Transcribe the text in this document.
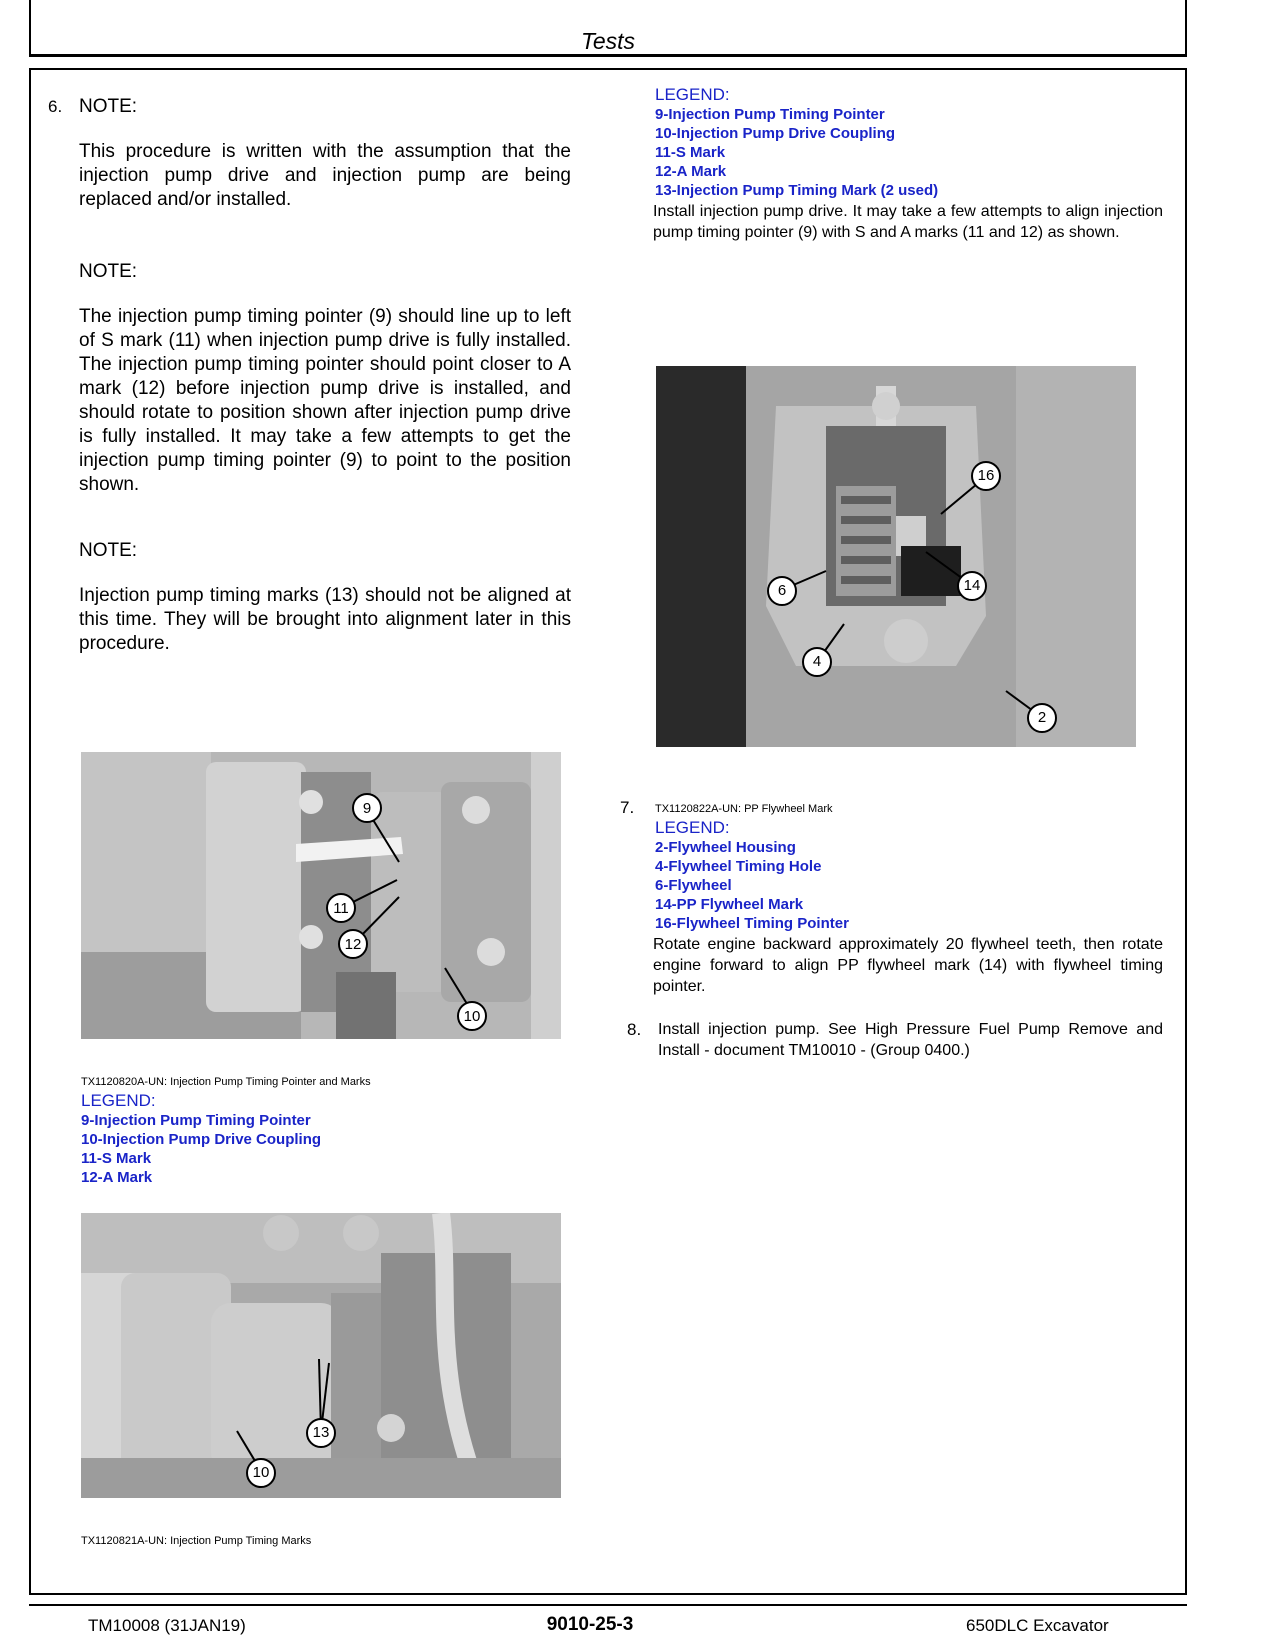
Tests
6. NOTE:
This procedure is written with the assumption that the injection pump drive and injection pump are being replaced and/or installed.
NOTE:
The injection pump timing pointer (9) should line up to left of S mark (11) when injection pump drive is fully installed. The injection pump timing pointer should point closer to A mark (12) before injection pump drive is installed, and should rotate to position shown after injection pump drive is fully installed. It may take a few attempts to get the injection pump timing pointer (9) to point to the position shown.
NOTE:
Injection pump timing marks (13) should not be aligned at this time. They will be brought into alignment later in this procedure.
9
11
12
10
TX1120820A-UN: Injection Pump Timing Pointer and Marks
LEGEND:
9-Injection Pump Timing Pointer
10-Injection Pump Drive Coupling
11-S Mark
12-A Mark
13
10
TX1120821A-UN: Injection Pump Timing Marks
LEGEND:
9-Injection Pump Timing Pointer
10-Injection Pump Drive Coupling
11-S Mark
12-A Mark
13-Injection Pump Timing Mark (2 used)
Install injection pump drive. It may take a few attempts to align injection pump timing pointer (9) with S and A marks (11 and 12) as shown.
16
6	14
4
2
7. TX1120822A-UN: PP Flywheel Mark
LEGEND:
2-Flywheel Housing
4-Flywheel Timing Hole
6-Flywheel
14-PP Flywheel Mark
16-Flywheel Timing Pointer
Rotate engine backward approximately 20 flywheel teeth, then rotate engine forward to align PP flywheel mark (14) with flywheel timing pointer.
8. Install injection pump. See High Pressure Fuel Pump Remove and Install - document TM10010 - (Group 0400.)
TM10008 (31JAN19)	9010-25-3	650DLC Excavator
